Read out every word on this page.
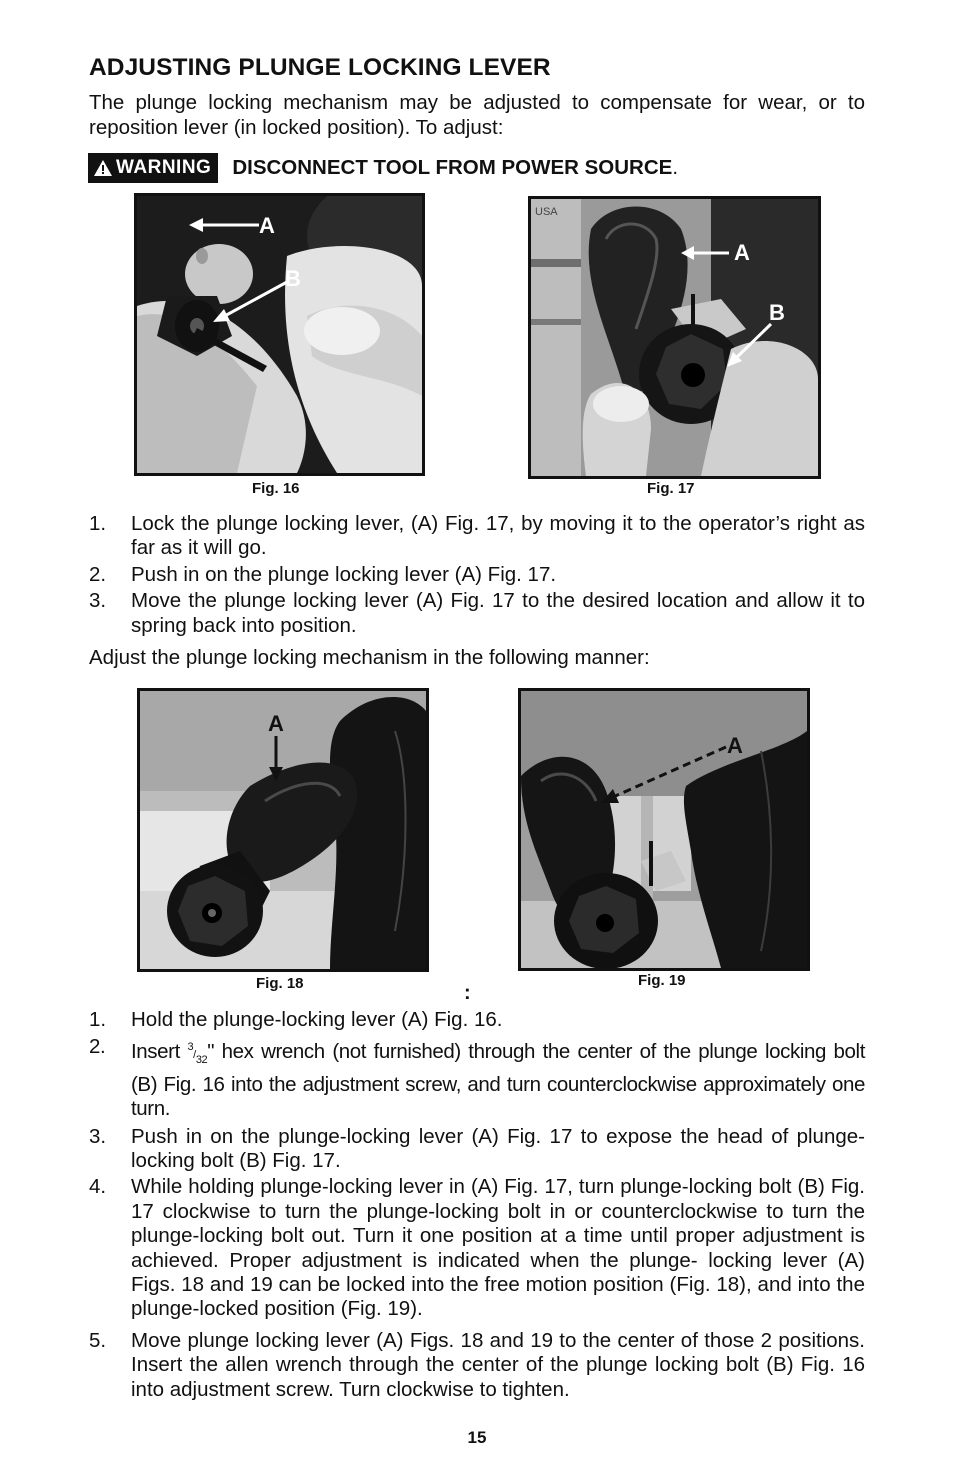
ADJUSTING PLUNGE LOCKING LEVER

The plunge locking mechanism may be adjusted to compensate for wear, or to reposition lever (in locked position). To adjust:

WARNING DISCONNECT TOOL FROM POWER SOURCE.
A
B
Fig. 16
USA
A
B
Fig. 17
1. Lock the plunge locking lever, (A) Fig. 17, by moving it to the operator’s right as far as it will go.
2. Push in on the plunge locking lever (A) Fig. 17.
3. Move the plunge locking lever (A) Fig. 17 to the desired location and allow it to spring back into position.

Adjust the plunge locking mechanism in the following manner:

A
Fig. 18
A
Fig. 19
:
1. Hold the plunge-locking lever (A) Fig. 16.
2. Insert $^3/_{32}$" hex wrench (not furnished) through the center of the plunge locking bolt (B) Fig. 16 into the adjustment screw, and turn counterclockwise approximately one turn.
3. Push in on the plunge-locking lever (A) Fig. 17 to expose the head of plunge-locking bolt (B) Fig. 17.
4. While holding plunge-locking lever in (A) Fig. 17, turn plunge-locking bolt (B) Fig. 17 clockwise to turn the plunge-locking bolt in or counterclockwise to turn the plunge-locking bolt out. Turn it one position at a time until proper adjustment is achieved. Proper adjustment is indicated when the plunge- locking lever (A) Figs. 18 and 19 can be locked into the free motion position (Fig. 18), and into the plunge-locked position (Fig. 19).
5. Move plunge locking lever (A) Figs. 18 and 19 to the center of those 2 positions. Insert the allen wrench through the center of the plunge locking bolt (B) Fig. 16 into adjustment screw. Turn clockwise to tighten.
15
